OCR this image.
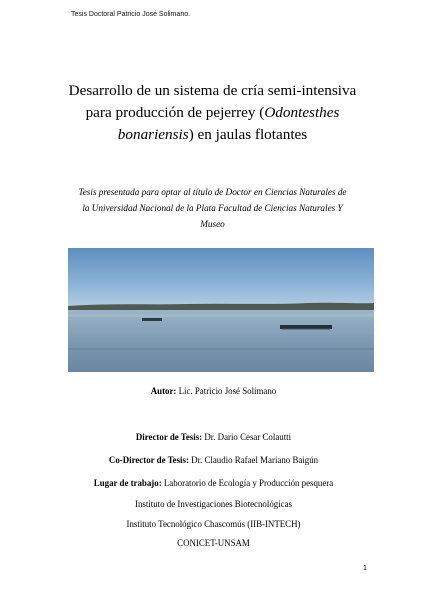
Tesis Doctoral Patricio José Solimano.
Desarrollo de un sistema de cría semi-intensiva
para producción de pejerrey (Odontesthes
bonariensis) en jaulas flotantes
Tesis presentada para optar al título de Doctor en Ciencias Naturales de
la Universidad Nacional de la Plata Facultad de Ciencias Naturales Y
Museo
Autor: Lic. Patricio José Solimano
Director de Tesis: Dr. Dario Cesar Colautti
Co-Director de Tesis: Dr. Claudio Rafael Mariano Baigún
Lugar de trabajo: Laboratorio de Ecología y Producción pesquera
Instituto de Investigaciones Biotecnológicas
Instituto Tecnológico Chascomús (IIB-INTECH)
CONICET-UNSAM
1
